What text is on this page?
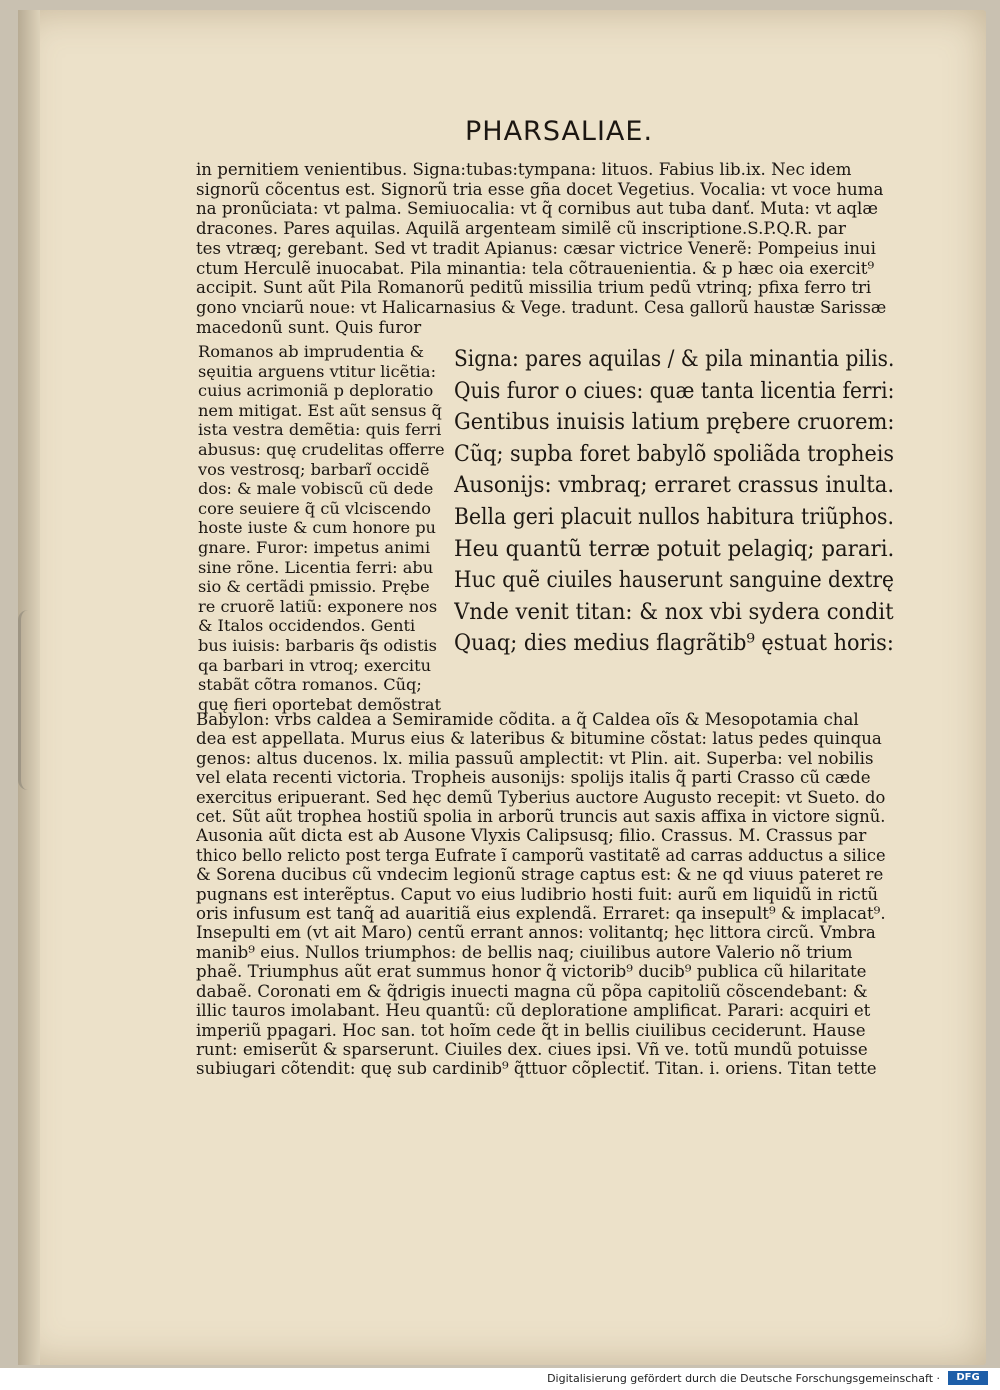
PHARSALIAE.
in pernitiem venientibus. Signa:tubas:tympana: lituos. Fabius lib.ix. Nec idem
signorũ cõcentus est. Signorũ tria esse gña docet Vegetius. Vocalia: vt voce huma
na pronũciata: vt palma. Semiuocalia: vt q̃ cornibus aut tuba danť. Muta: vt aqlæ
dracones. Pares aquilas. Aquilã argenteam similẽ cũ inscriptione.S.P.Q.R. par
tes vtræq; gerebant. Sed vt tradit Apianus: cæsar victrice Venerẽ: Pompeius inui
ctum Herculẽ inuocabat. Pila minantia: tela cõtrauenientia. & p hæc oia exercit⁹
accipit. Sunt aũt Pila Romanorũ peditũ missilia trium pedũ vtrinq; pfixa ferro tri
gono vnciarũ noue: vt Halicarnasius & Vege. tradunt. Cesa gallorũ haustæ Sarissæ
macedonũ sunt. Quis furor
Romanos ab imprudentia &
sęuitia arguens vtitur licẽtia:
cuius acrimoniã p deploratio
nem mitigat. Est aũt sensus q̃
ista vestra demẽtia: quis ferri
abusus: quę crudelitas offerre
vos vestrosq; barbarĩ occidẽ
dos: & male vobiscũ cũ dede
core seuiere q̃ cũ vlciscendo
hoste iuste & cum honore pu
gnare. Furor: impetus animi
sine rõne. Licentia ferri: abu
sio & certãdi pmissio. Prębe
re cruorẽ latiũ: exponere nos
& Italos occidendos. Genti
bus iuisis: barbaris q̃s odistis
qa barbari in vtroq; exercitu
stabãt cõtra romanos. Cũq;
quę fieri oportebat demõstrat
Signa: pares aquilas / & pila minantia pilis.
Quis furor o ciues: quæ tanta licentia ferri:
Gentibus inuisis latium prębere cruorem:
Cũq; supba foret babylõ spoliãda tropheis
Ausonijs: vmbraq; erraret crassus inulta.
Bella geri placuit nullos habitura triũphos.
Heu quantũ terræ potuit pelagiq; parari.
Huc quẽ ciuiles hauserunt sanguine dextrę
Vnde venit titan: & nox vbi sydera condit
Quaq; dies medius flagrãtib⁹ ęstuat horis:
Babylon: vrbs caldea a Semiramide cõdita. a q̃ Caldea oĩs & Mesopotamia chal
dea est appellata. Murus eius & lateribus & bitumine cõstat: latus pedes quinqua
genos: altus ducenos. lx. milia passuũ amplectit: vt Plin. ait. Superba: vel nobilis
vel elata recenti victoria. Tropheis ausonijs: spolijs italis q̃ parti Crasso cũ cæde
exercitus eripuerant. Sed hęc demũ Tyberius auctore Augusto recepit: vt Sueto. do
cet. Sũt aũt trophea hostiũ spolia in arborũ truncis aut saxis affixa in victore signũ.
Ausonia aũt dicta est ab Ausone Vlyxis Calipsusq; filio. Crassus. M. Crassus par
thico bello relicto post terga Eufrate ĩ camporũ vastitatẽ ad carras adductus a silice
& Sorena ducibus cũ vndecim legionũ strage captus est: & ne qd viuus pateret re
pugnans est interẽptus. Caput vo eius ludibrio hosti fuit: aurũ em liquidũ in rictũ
oris infusum est tanq̃ ad auaritiã eius explendã. Erraret: qa insepult⁹ & implacat⁹.
Insepulti em (vt ait Maro) centũ errant annos: volitantq; hęc littora circũ. Vmbra
manib⁹ eius. Nullos triumphos: de bellis naq; ciuilibus autore Valerio nõ trium
phaẽ. Triumphus aũt erat summus honor q̃ victorib⁹ ducib⁹ publica cũ hilaritate
dabaẽ. Coronati em & q̃drigis inuecti magna cũ põpa capitoliũ cõscendebant: &
illic tauros imolabant. Heu quantũ: cũ deploratione amplificat. Parari: acquiri et
imperiũ ppagari. Hoc san. tot hoĩm cede q̃t in bellis ciuilibus ceciderunt. Hause
runt: emiserũt & sparserunt. Ciuiles dex. ciues ipsi. Vñ ve. totũ mundũ potuisse
subiugari cõtendit: quę sub cardinib⁹ q̃ttuor cõplectiť. Titan. i. oriens. Titan tette
Digitalisierung gefördert durch die Deutsche Forschungsgemeinschaft ·	DFG
